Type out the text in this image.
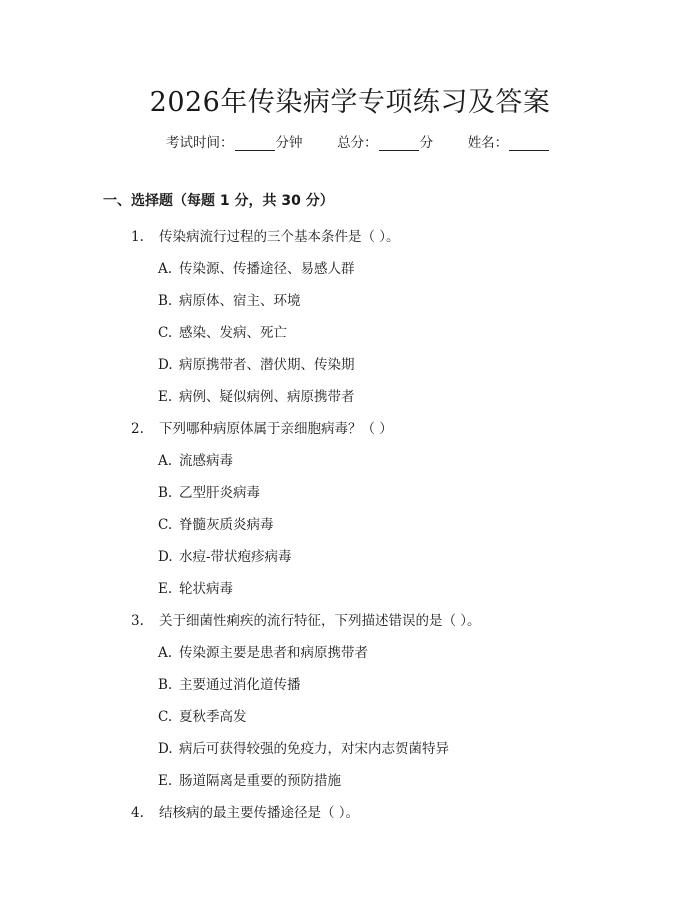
2026年传染病学专项练习及答案
考试时间：	分钟	总分：	分	姓名：
一、选择题（每题 1 分，共 30 分）
1. 传染病流行过程的三个基本条件是（ ）。
A. 传染源、传播途径、易感人群
B. 病原体、宿主、环境
C. 感染、发病、死亡
D. 病原携带者、潜伏期、传染期
E. 病例、疑似病例、病原携带者
2. 下列哪种病原体属于亲细胞病毒？（ ）
A. 流感病毒
B. 乙型肝炎病毒
C. 脊髓灰质炎病毒
D. 水痘-带状疱疹病毒
E. 轮状病毒
3. 关于细菌性痢疾的流行特征，下列描述错误的是（ ）。
A. 传染源主要是患者和病原携带者
B. 主要通过消化道传播
C. 夏秋季高发
D. 病后可获得较强的免疫力，对宋内志贺菌特异
E. 肠道隔离是重要的预防措施
4. 结核病的最主要传播途径是（ ）。
